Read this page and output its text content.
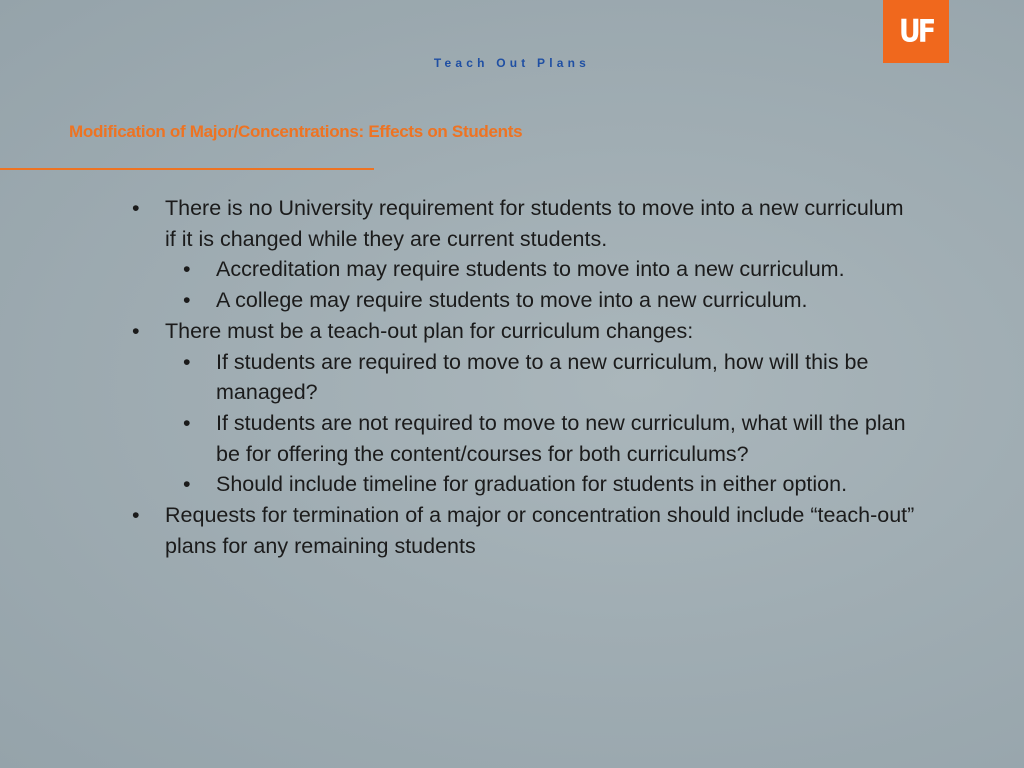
UF
Teach Out Plans
Modification of Major/Concentrations: Effects on Students
• There is no University requirement for students to move into a new curriculum if it is changed while they are current students.
• Accreditation may require students to move into a new curriculum.
• A college may require students to move into a new curriculum.
• There must be a teach-out plan for curriculum changes:
• If students are required to move to a new curriculum, how will this be managed?
• If students are not required to move to new curriculum, what will the plan be for offering the content/courses for both curriculums?
• Should include timeline for graduation for students in either option.
• Requests for termination of a major or concentration should include “teach-out” plans for any remaining students
